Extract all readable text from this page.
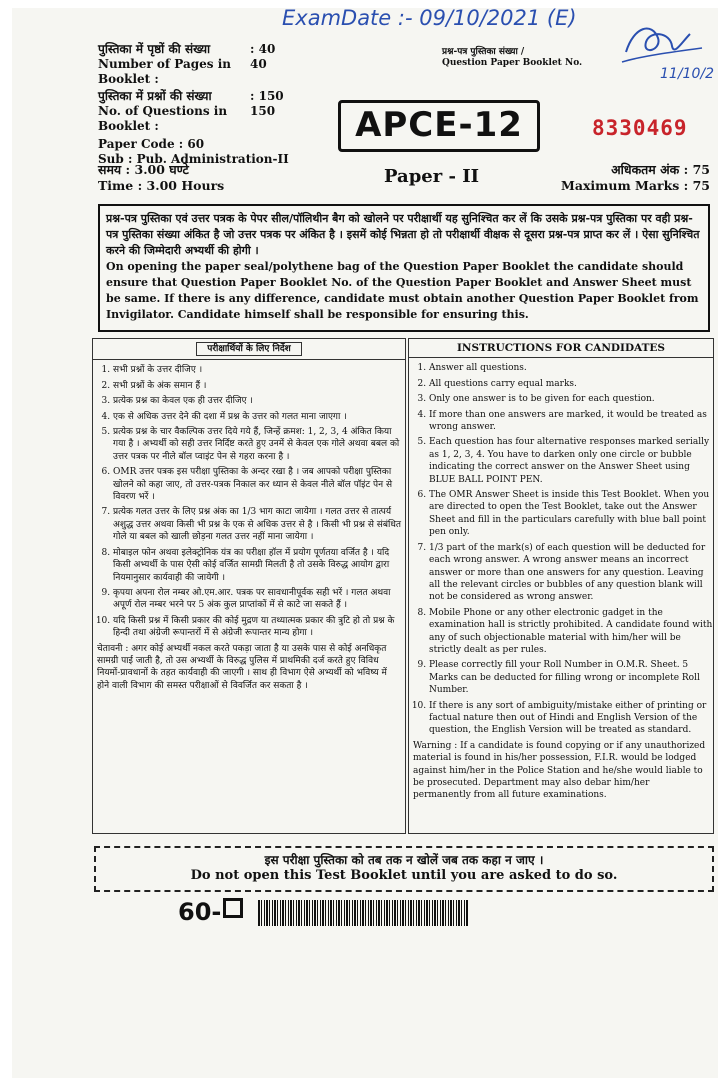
ExamDate :- 09/10/2021 (E)
11/10/2
पुस्तिका में पृष्ठों की संख्या	: 40
Number of Pages in Booklet :
40
पुस्तिका में प्रश्नों की संख्या	: 150
No. of Questions in Booklet :
150
Paper Code : 60
Sub : Pub. Administration-II
प्रश्न-पत्र पुस्तिका संख्या /
Question Paper Booklet No.
APCE-12	8330469
समय : 3.00 घण्टे
Time : 3.00 Hours	Paper - II	अधिकतम अंक : 75
Maximum Marks : 75
प्रश्न-पत्र पुस्तिका एवं उत्तर पत्रक के पेपर सील/पॉलिथीन बैग को खोलने पर परीक्षार्थी यह सुनिश्चित कर लें कि उसके प्रश्न-पत्र पुस्तिका पर वही प्रश्न-पत्र पुस्तिका संख्या अंकित है जो उत्तर पत्रक पर अंकित है । इसमें कोई भिन्नता हो तो परीक्षार्थी वीक्षक से दूसरा प्रश्न-पत्र प्राप्त कर लें । ऐसा सुनिश्चित करने की जिम्मेदारी अभ्यर्थी की होगी ।
On opening the paper seal/polythene bag of the Question Paper Booklet the candidate should ensure that Question Paper Booklet No. of the Question Paper Booklet and Answer Sheet must be same. If there is any difference, candidate must obtain another Question Paper Booklet from Invigilator. Candidate himself shall be responsible for ensuring this.
परीक्षार्थियों के लिए निर्देश
1. सभी प्रश्नों के उत्तर दीजिए ।
2. सभी प्रश्नों के अंक समान हैं ।
3. प्रत्येक प्रश्न का केवल एक ही उत्तर दीजिए ।
4. एक से अधिक उत्तर देने की दशा में प्रश्न के उत्तर को गलत माना जाएगा ।
5. प्रत्येक प्रश्न के चार वैकल्पिक उत्तर दिये गये हैं, जिन्हें क्रमश: 1, 2, 3, 4 अंकित किया गया है । अभ्यर्थी को सही उत्तर निर्दिष्ट करते हुए उनमें से केवल एक गोले अथवा बबल को उत्तर पत्रक पर नीले बॉल प्वाइंट पेन से गहरा करना है ।
6. OMR उत्तर पत्रक इस परीक्षा पुस्तिका के अन्दर रखा है । जब आपको परीक्षा पुस्तिका खोलने को कहा जाए, तो उत्तर-पत्रक निकाल कर ध्यान से केवल नीले बॉल पॉइंट पेन से विवरण भरें ।
7. प्रत्येक गलत उत्तर के लिए प्रश्न अंक का 1/3 भाग काटा जायेगा । गलत उत्तर से तात्पर्य अशुद्ध उत्तर अथवा किसी भी प्रश्न के एक से अधिक उत्तर से है । किसी भी प्रश्न से संबंधित गोले या बबल को खाली छोड़ना गलत उत्तर नहीं माना जायेगा ।
8. मोबाइल फोन अथवा इलेक्ट्रोनिक यंत्र का परीक्षा हॉल में प्रयोग पूर्णतया वर्जित है । यदि किसी अभ्यर्थी के पास ऐसी कोई वर्जित सामग्री मिलती है तो उसके विरुद्ध आयोग द्वारा नियमानुसार कार्यवाही की जायेगी ।
9. कृपया अपना रोल नम्बर ओ.एम.आर. पत्रक पर सावधानीपूर्वक सही भरें । गलत अथवा अपूर्ण रोल नम्बर भरने पर 5 अंक कुल प्राप्तांकों में से काटे जा सकते हैं ।
10. यदि किसी प्रश्न में किसी प्रकार की कोई मुद्रण या तथ्यात्मक प्रकार की त्रुटि हो तो प्रश्न के हिन्दी तथा अंग्रेजी रूपान्तरों में से अंग्रेजी रूपान्तर मान्य होगा ।
चेतावनी : अगर कोई अभ्यर्थी नकल करते पकड़ा जाता है या उसके पास से कोई अनधिकृत सामग्री पाई जाती है, तो उस अभ्यर्थी के विरुद्ध पुलिस में प्राथमिकी दर्ज करते हुए विविध नियमों-प्रावधानों के तहत कार्यवाही की जाएगी । साथ ही विभाग ऐसे अभ्यर्थी को भविष्य में होने वाली विभाग की समस्त परीक्षाओं से विवर्जित कर सकता है ।
INSTRUCTIONS FOR CANDIDATES
1. Answer all questions.
2. All questions carry equal marks.
3. Only one answer is to be given for each question.
4. If more than one answers are marked, it would be treated as wrong answer.
5. Each question has four alternative responses marked serially as 1, 2, 3, 4. You have to darken only one circle or bubble indicating the correct answer on the Answer Sheet using BLUE BALL POINT PEN.
6. The OMR Answer Sheet is inside this Test Booklet. When you are directed to open the Test Booklet, take out the Answer Sheet and fill in the particulars carefully with blue ball point pen only.
7. 1/3 part of the mark(s) of each question will be deducted for each wrong answer. A wrong answer means an incorrect answer or more than one answers for any question. Leaving all the relevant circles or bubbles of any question blank will not be considered as wrong answer.
8. Mobile Phone or any other electronic gadget in the examination hall is strictly prohibited. A candidate found with any of such objectionable material with him/her will be strictly dealt as per rules.
9. Please correctly fill your Roll Number in O.M.R. Sheet. 5 Marks can be deducted for filling wrong or incomplete Roll Number.
10. If there is any sort of ambiguity/mistake either of printing or factual nature then out of Hindi and English Version of the question, the English Version will be treated as standard.
Warning : If a candidate is found copying or if any unauthorized material is found in his/her possession, F.I.R. would be lodged against him/her in the Police Station and he/she would liable to be prosecuted. Department may also debar him/her permanently from all future examinations.
इस परीक्षा पुस्तिका को तब तक न खोलें जब तक कहा न जाए ।
Do not open this Test Booklet until you are asked to do so.
60-
